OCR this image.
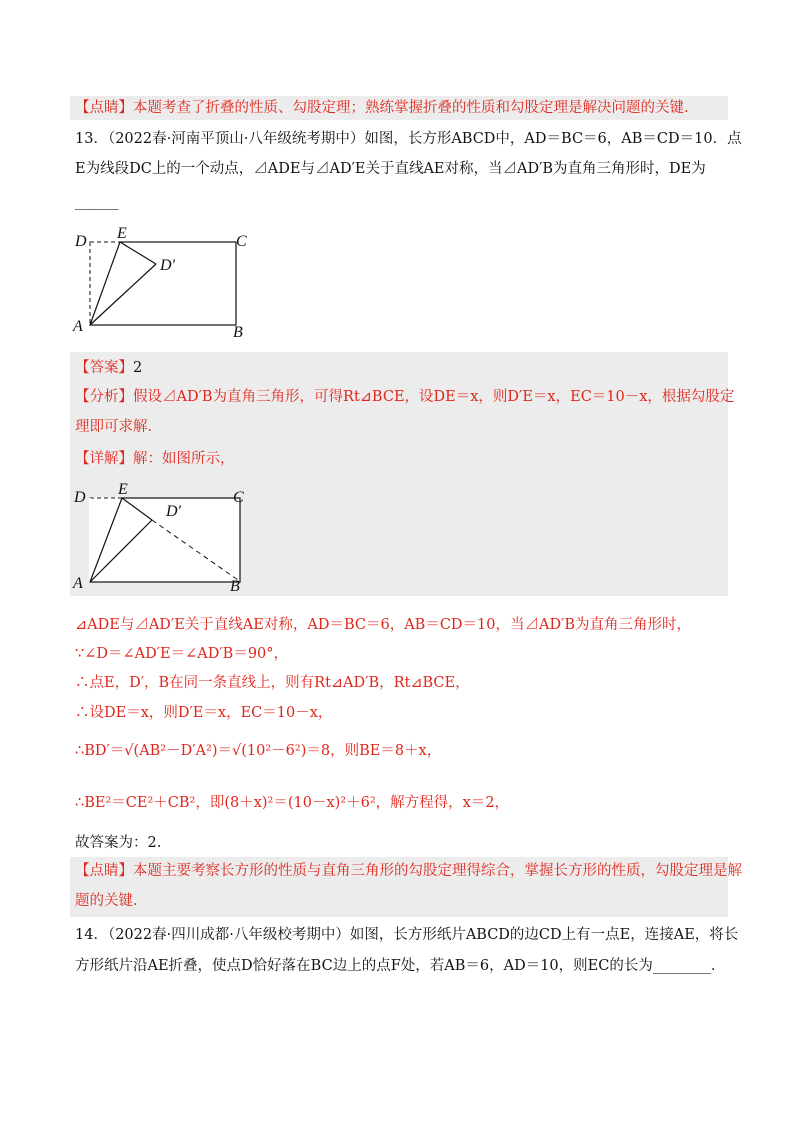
【点睛】本题考查了折叠的性质、勾股定理；熟练掌握折叠的性质和勾股定理是解决问题的关键.
13．（2022春·河南平顶山·八年级统考期中）如图，长方形ABCD中，AD＝BC＝6，AB＝CD＝10．点
E为线段DC上的一个动点，⊿ADE与⊿AD′E关于直线AE对称，当⊿AD′B为直角三角形时，DE为
______
D E	C
D′
A	B
【答案】2
【分析】假设⊿AD′B为直角三角形，可得Rt⊿BCE，设DE＝x，则D′E＝x，EC＝10－x，根据勾股定
理即可求解.
【详解】解：如图所示，
D E	C
D′
A	B
⊿ADE与⊿AD′E关于直线AE对称，AD＝BC＝6，AB＝CD＝10，当⊿AD′B为直角三角形时，
∵∠D＝∠AD′E＝∠AD′B＝90°，
∴点E，D′，B在同一条直线上，则有Rt⊿AD′B，Rt⊿BCE，
∴设DE＝x，则D′E＝x，EC＝10－x，
∴BD′＝√(AB²－D′A²)＝√(10²－6²)＝8，则BE＝8＋x，
∴BE²＝CE²＋CB²，即(8＋x)²＝(10－x)²＋6²，解方程得，x＝2，
故答案为：2.
【点睛】本题主要考察长方形的性质与直角三角形的勾股定理得综合，掌握长方形的性质，勾股定理是解
题的关键.
14．（2022春·四川成都·八年级校考期中）如图，长方形纸片ABCD的边CD上有一点E，连接AE，将长
方形纸片沿AE折叠，使点D恰好落在BC边上的点F处，若AB＝6，AD＝10，则EC的长为________．
